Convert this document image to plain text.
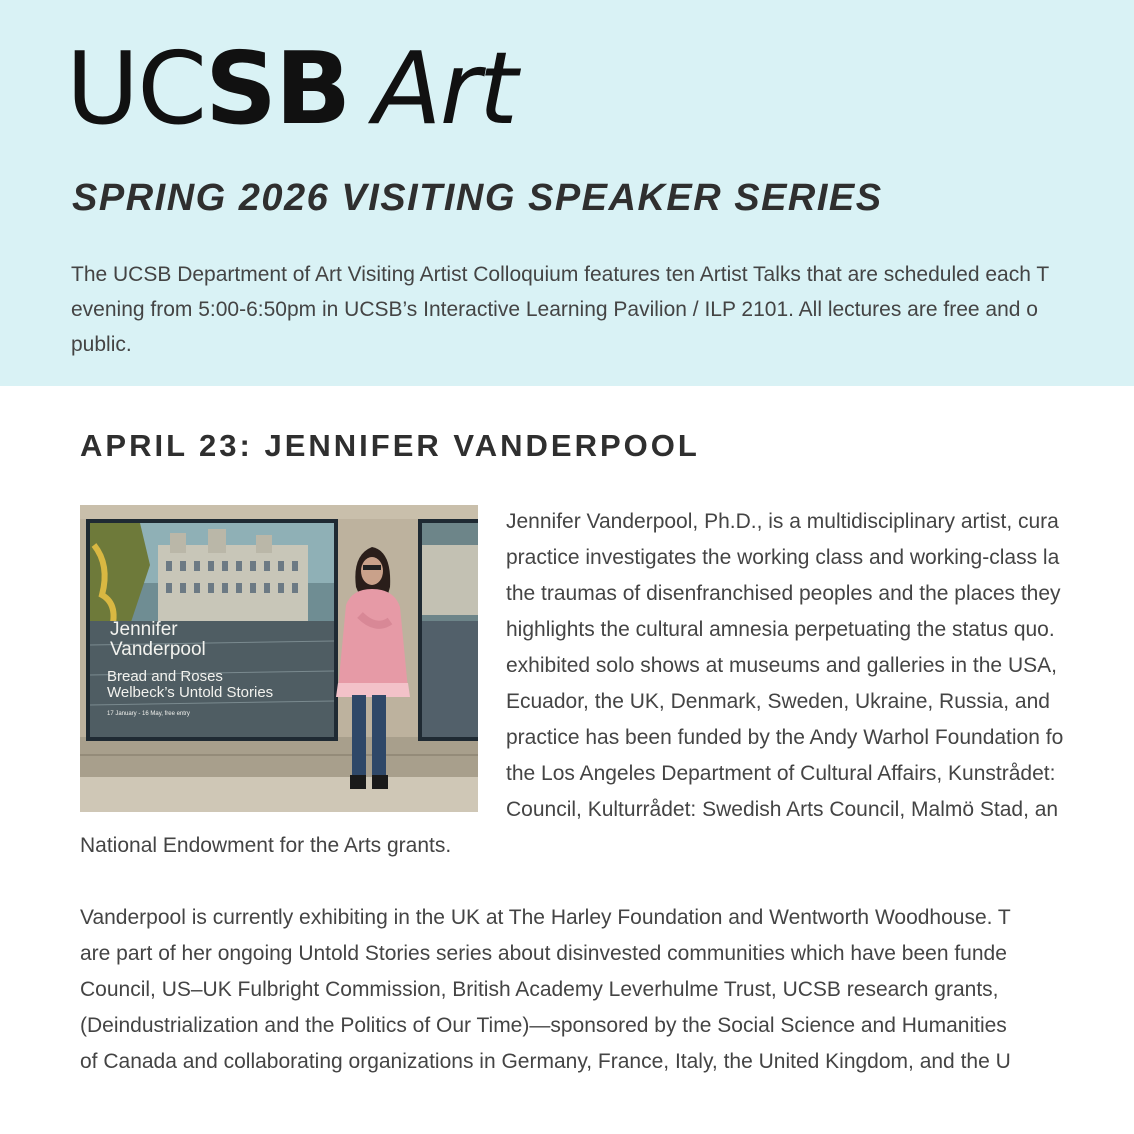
UCSB Art
SPRING 2026 VISITING SPEAKER SERIES

The UCSB Department of Art Visiting Artist Colloquium features ten Artist Talks that are scheduled each T
evening from 5:00-6:50pm in UCSB’s Interactive Learning Pavilion / ILP 2101. All lectures are free and o
public.

APRIL 23: JENNIFER VANDERPOOL
Jennifer
Vanderpool
Bread and Roses
Welbeck’s Untold Stories
17 January - 16 May, free entry

Jennifer Vanderpool, Ph.D., is a multidisciplinary artist, cura

practice investigates the working class and working-class la

the traumas of disenfranchised peoples and the places they

highlights the cultural amnesia perpetuating the status quo.

exhibited solo shows at museums and galleries in the USA,

Ecuador, the UK, Denmark, Sweden, Ukraine, Russia, and

practice has been funded by the Andy Warhol Foundation fo

the Los Angeles Department of Cultural Affairs, Kunstrådet:

Council, Kulturrådet: Swedish Arts Council, Malmö Stad, an

National Endowment for the Arts grants.

Vanderpool is currently exhibiting in the UK at The Harley Foundation and Wentworth Woodhouse. T

are part of her ongoing Untold Stories series about disinvested communities which have been funde

Council, US–UK Fulbright Commission, British Academy Leverhulme Trust, UCSB research grants,

(Deindustrialization and the Politics of Our Time)—sponsored by the Social Science and Humanities

of Canada and collaborating organizations in Germany, France, Italy, the United Kingdom, and the U
